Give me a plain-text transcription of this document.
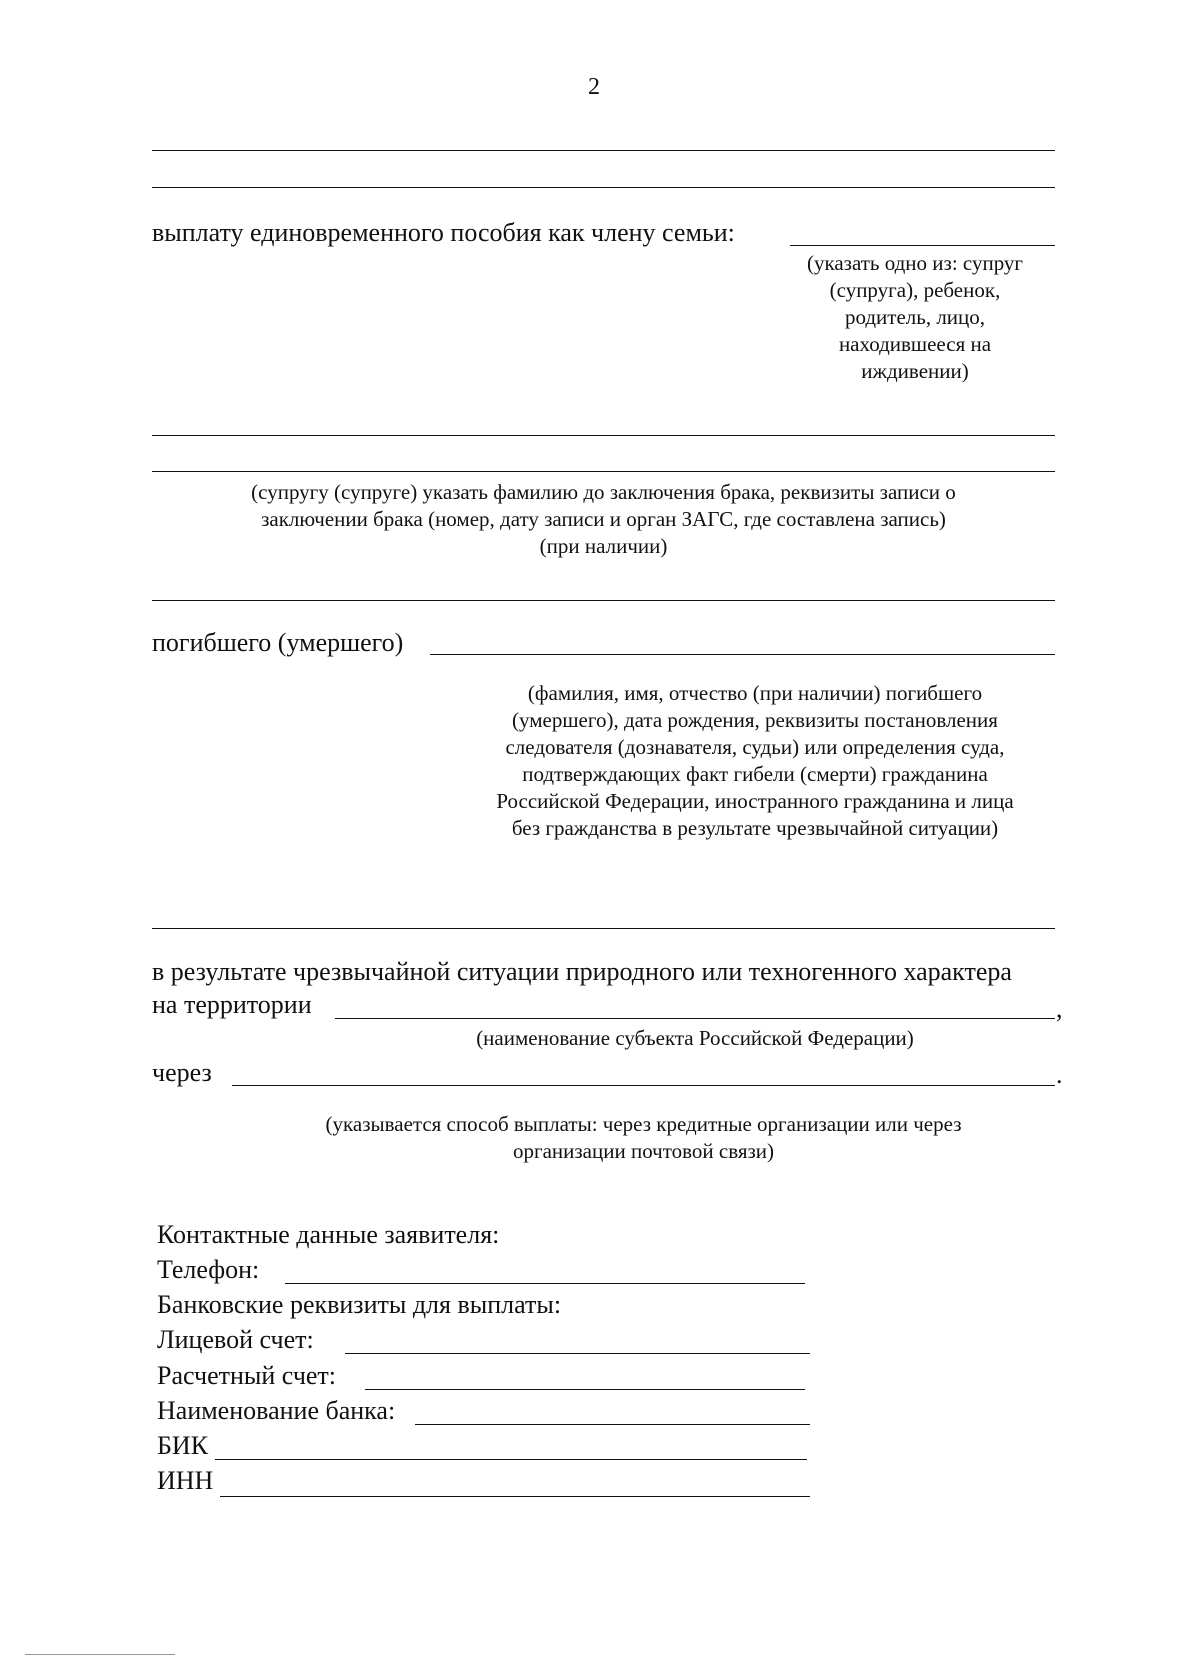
2
выплату единовременного пособия как члену семьи:
(указать одно из: супруг
(супруга), ребенок,
родитель, лицо,
находившееся на
иждивении)
(супругу (супруге) указать фамилию до заключения брака, реквизиты записи о
заключении брака (номер, дату записи и орган ЗАГС, где составлена запись)
(при наличии)
погибшего (умершего)
(фамилия, имя, отчество (при наличии) погибшего
(умершего), дата рождения, реквизиты постановления
следователя (дознавателя, судьи) или определения суда,
подтверждающих факт гибели (смерти) гражданина
Российской Федерации, иностранного гражданина и лица
без гражданства в результате чрезвычайной ситуации)
в результате чрезвычайной ситуации природного или техногенного характера
на территории	,
(наименование субъекта Российской Федерации)
через	.
(указывается способ выплаты: через кредитные организации или через
организации почтовой связи)
Контактные данные заявителя:
Телефон:
Банковские реквизиты для выплаты:
Лицевой счет:
Расчетный счет:
Наименование банка:
БИК
ИНН
